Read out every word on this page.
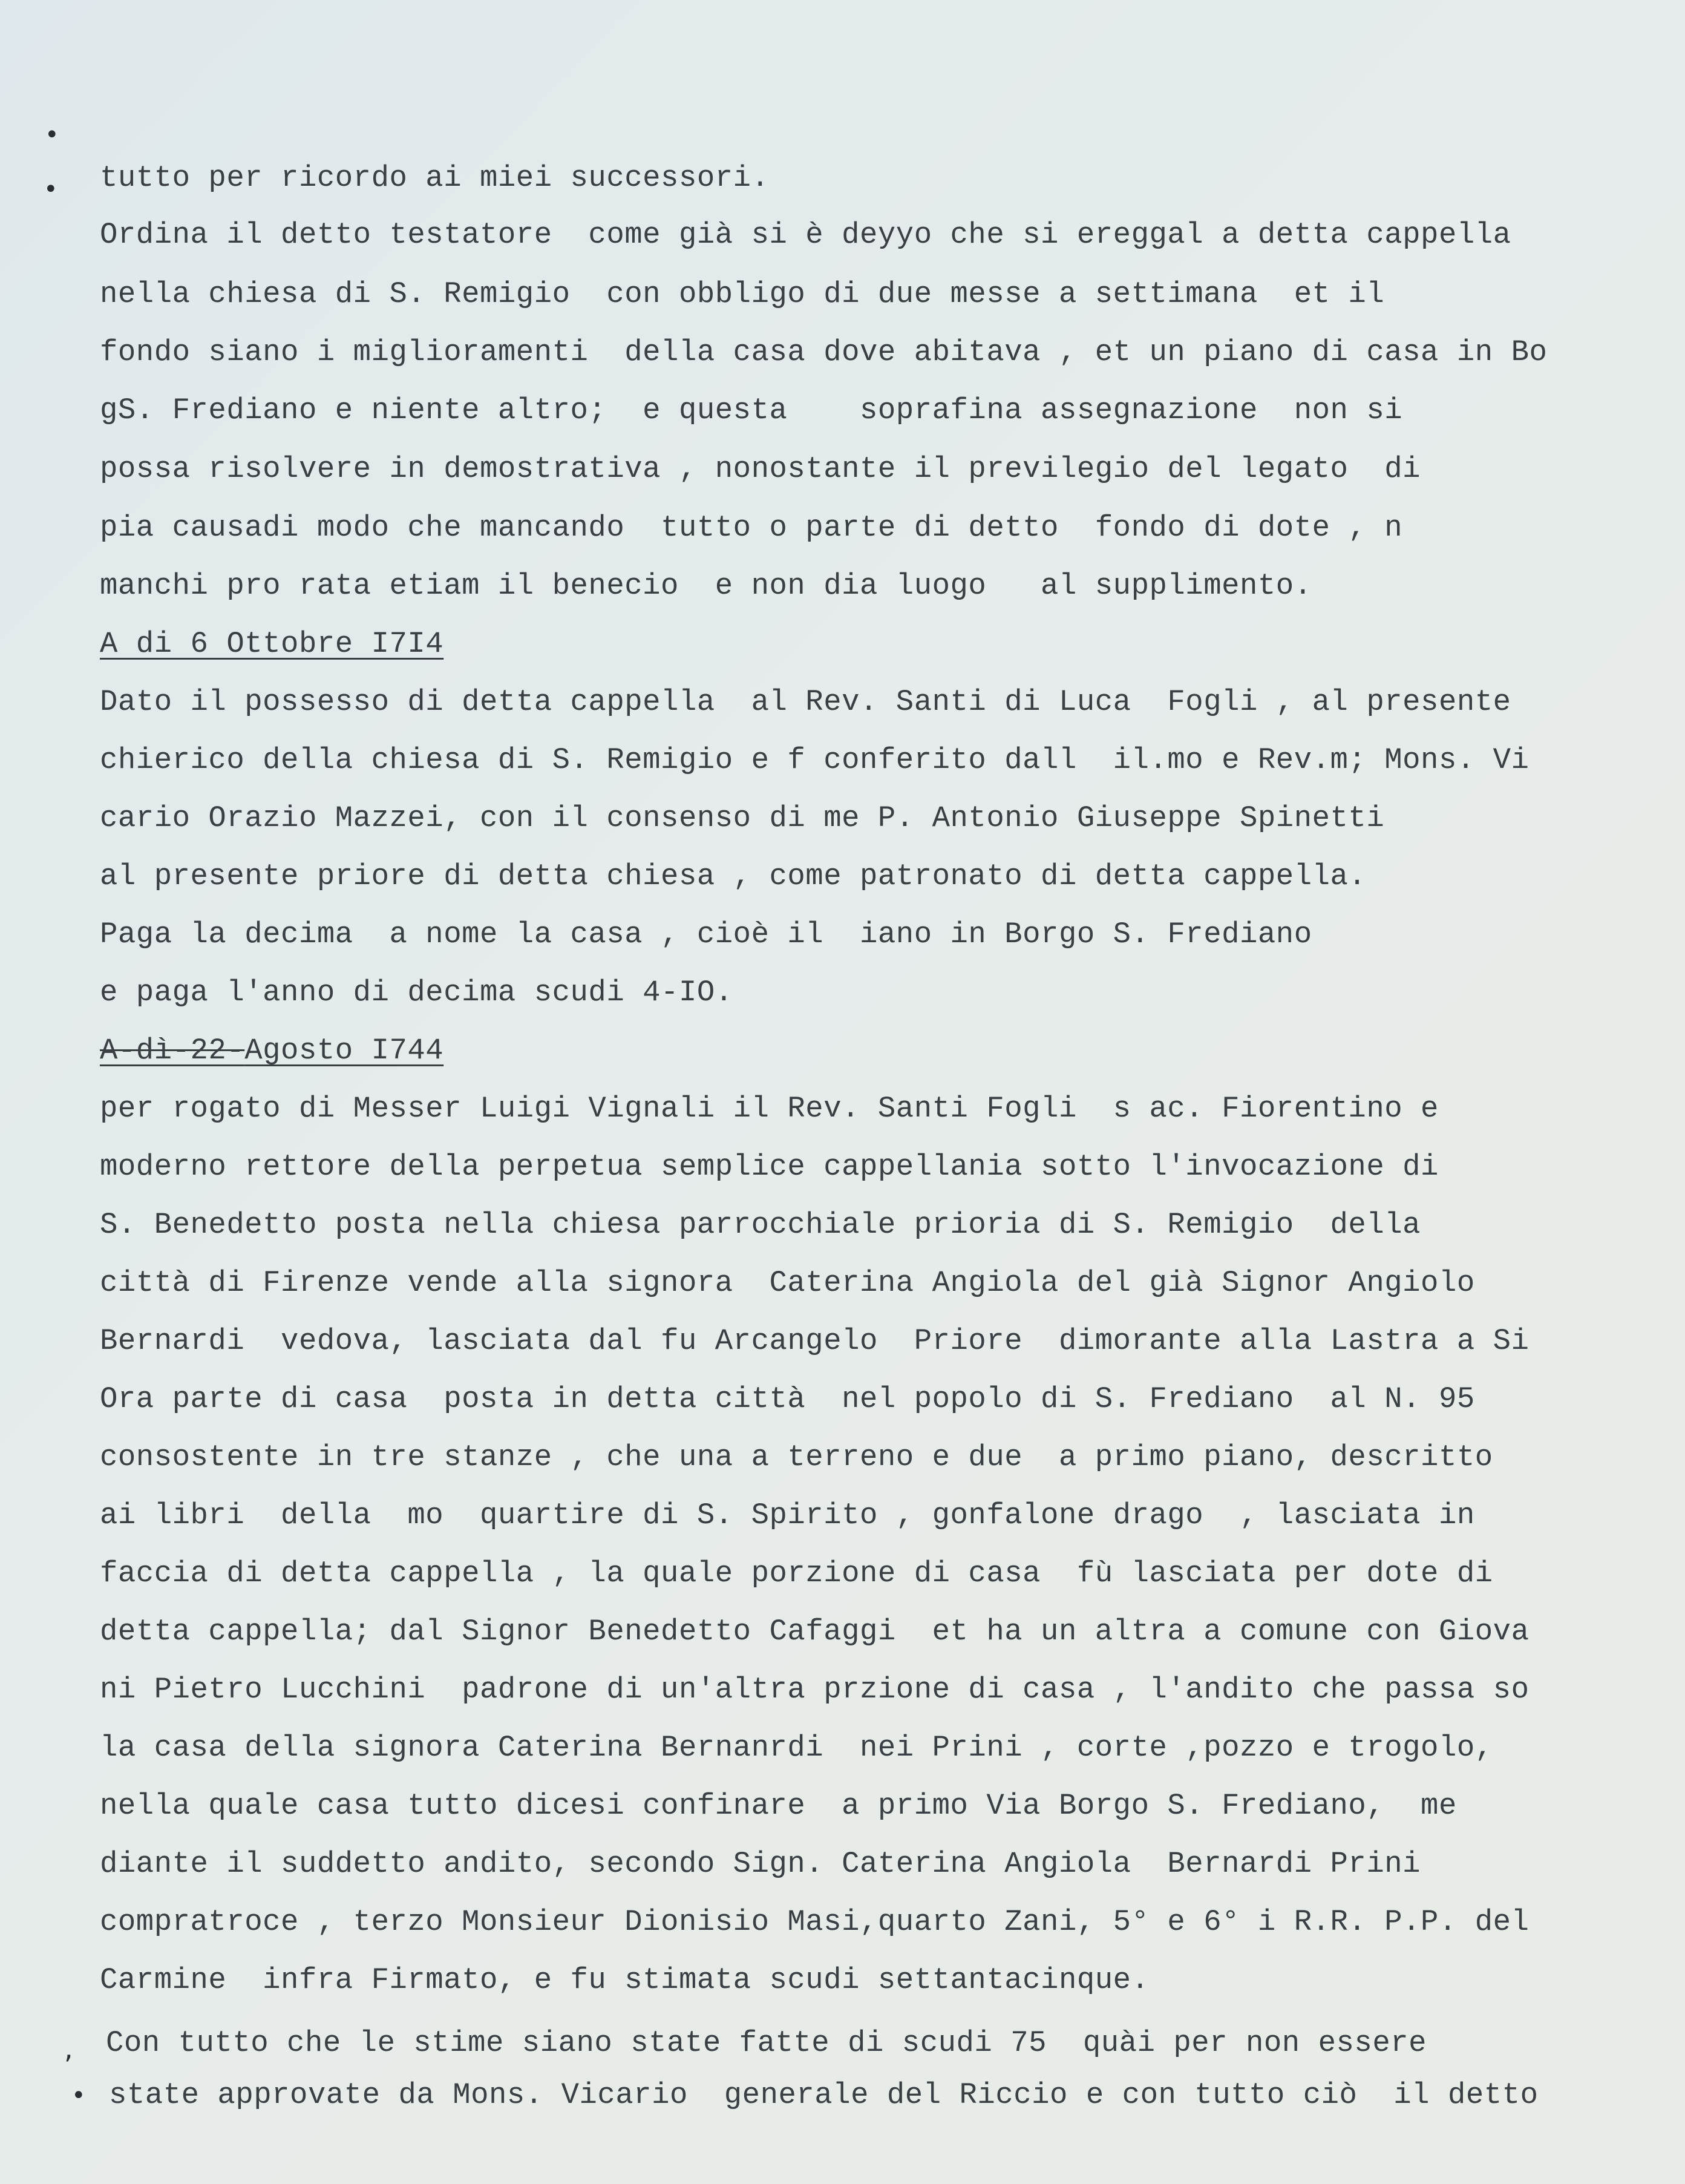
•
•
,
•
tutto per ricordo ai miei successori.
Ordina il detto testatore  come già si è deyyo che si ereggal a detta cappella
nella chiesa di S. Remigio  con obbligo di due messe a settimana  et il
fondo siano i miglioramenti  della casa dove abitava , et un piano di casa in Bo
gS. Frediano e niente altro;  e questa    soprafina assegnazione  non si
possa risolvere in demostrativa , nonostante il previlegio del legato  di
pia causadi modo che mancando  tutto o parte di detto  fondo di dote , n
manchi pro rata etiam il benecio  e non dia luogo   al supplimento.
A di 6 Ottobre I7I4
Dato il possesso di detta cappella  al Rev. Santi di Luca  Fogli , al presente
chierico della chiesa di S. Remigio e f conferito dall  il.mo e Rev.m; Mons. Vi
cario Orazio Mazzei, con il consenso di me P. Antonio Giuseppe Spinetti
al presente priore di detta chiesa , come patronato di detta cappella.
Paga la decima  a nome la casa , cioè il  iano in Borgo S. Frediano
e paga l'anno di decima scudi 4-IO.
A-dì-22-Agosto I744
per rogato di Messer Luigi Vignali il Rev. Santi Fogli  s ac. Fiorentino e
moderno rettore della perpetua semplice cappellania sotto l'invocazione di
S. Benedetto posta nella chiesa parrocchiale prioria di S. Remigio  della
città di Firenze vende alla signora  Caterina Angiola del già Signor Angiolo
Bernardi  vedova, lasciata dal fu Arcangelo  Priore  dimorante alla Lastra a Si
Ora parte di casa  posta in detta città  nel popolo di S. Frediano  al N. 95
consostente in tre stanze , che una a terreno e due  a primo piano, descritto
ai libri  della  mo  quartire di S. Spirito , gonfalone drago  , lasciata in
faccia di detta cappella , la quale porzione di casa  fù lasciata per dote di
detta cappella; dal Signor Benedetto Cafaggi  et ha un altra a comune con Giova
ni Pietro Lucchini  padrone di un'altra przione di casa , l'andito che passa so
la casa della signora Caterina Bernanrdi  nei Prini , corte ,pozzo e trogolo,
nella quale casa tutto dicesi confinare  a primo Via Borgo S. Frediano,  me
diante il suddetto andito, secondo Sign. Caterina Angiola  Bernardi Prini
compratroce , terzo Monsieur Dionisio Masi,quarto Zani, 5° e 6° i R.R. P.P. del
Carmine  infra Firmato, e fu stimata scudi settantacinque.
Con tutto che le stime siano state fatte di scudi 75  quài per non essere
state approvate da Mons. Vicario  generale del Riccio e con tutto ciò  il detto
